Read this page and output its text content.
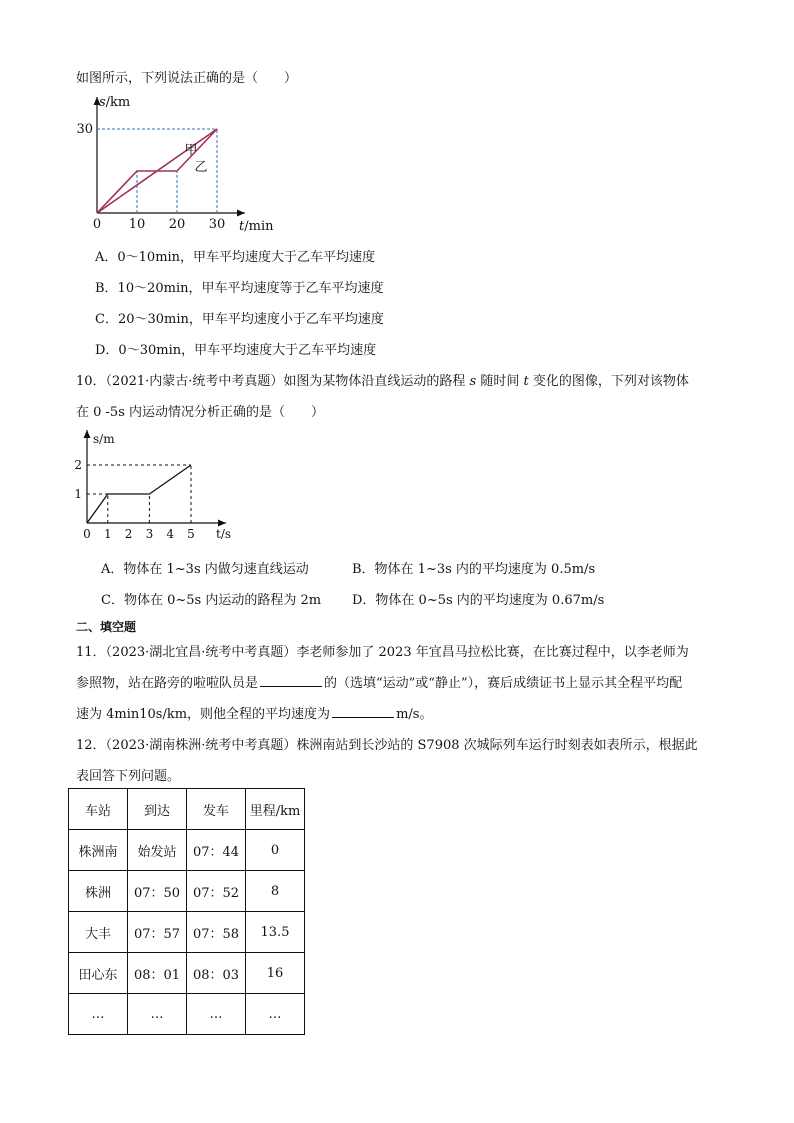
如图所示，下列说法正确的是（　　）
0 10 20 30
30
s/km
t/min
甲
乙
A．0～10min，甲车平均速度大于乙车平均速度
B．10～20min，甲车平均速度等于乙车平均速度
C．20～30min，甲车平均速度小于乙车平均速度
D．0～30min，甲车平均速度大于乙车平均速度
10．（2021·内蒙古·统考中考真题）如图为某物体沿直线运动的路程 s 随时间 t 变化的图像，下列对该物体
在 0 -5s 内运动情况分析正确的是（　　）
0 1 2 3 4 5
1
2
s/m
t/s
A．物体在 1~3s 内做匀速直线运动	B．物体在 1~3s 内的平均速度为 0.5m/s
C．物体在 0~5s 内运动的路程为 2m D．物体在 0~5s 内的平均速度为 0.67m/s
二、填空题
11．（2023·湖北宜昌·统考中考真题）李老师参加了 2023 年宜昌马拉松比赛，在比赛过程中，以李老师为
参照物，站在路旁的啦啦队员是	的（选填“运动”或“静止”），赛后成绩证书上显示其全程平均配
速为 4min10s/km，则他全程的平均速度为	m/s。
12．（2023·湖南株洲·统考中考真题）株洲南站到长沙站的 S7908 次城际列车运行时刻表如表所示，根据此
表回答下列问题。
车站	到达	发车	里程/km
株洲南	始发站	07：44	0
株洲	07：50	07：52	8
大丰	07：57	07：58	13.5
田心东	08：01	08：03	16
…	…	…	…
